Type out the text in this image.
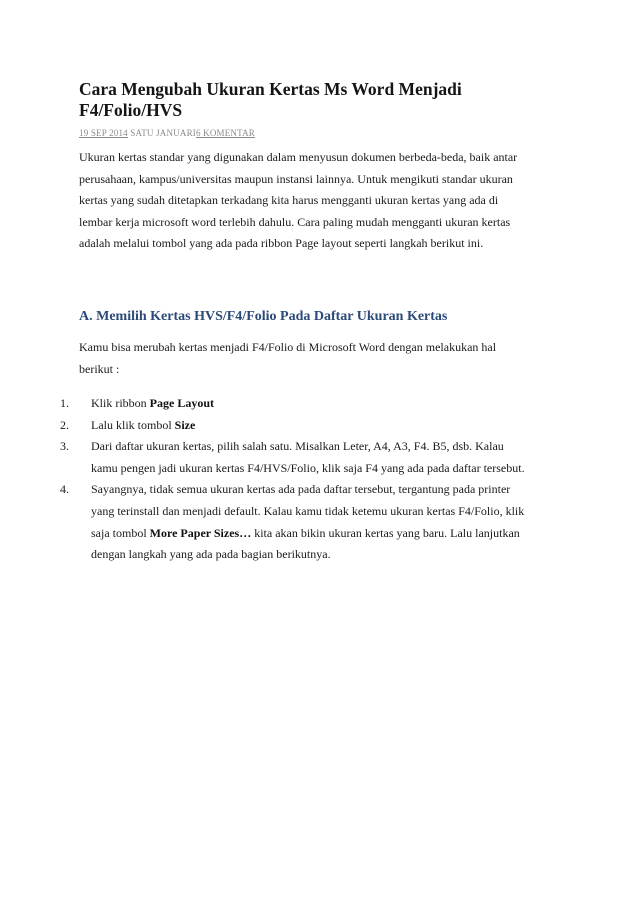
Cara Mengubah Ukuran Kertas Ms Word Menjadi
F4/Folio/HVS
19 SEP 2014 SATU JANUARI6 KOMENTAR

Ukuran kertas standar yang digunakan dalam menyusun dokumen berbeda-beda, baik antar
perusahaan, kampus/universitas maupun instansi lainnya. Untuk mengikuti standar ukuran
kertas yang sudah ditetapkan terkadang kita harus mengganti ukuran kertas yang ada di
lembar kerja microsoft word terlebih dahulu. Cara paling mudah mengganti ukuran kertas
adalah melalui tombol yang ada pada ribbon Page layout seperti langkah berikut ini.

A. Memilih Kertas HVS/F4/Folio Pada Daftar Ukuran Kertas

Kamu bisa merubah kertas menjadi F4/Folio di Microsoft Word dengan melakukan hal
berikut :

1.	Klik ribbon Page Layout
2.	Lalu klik tombol Size
3.	Dari daftar ukuran kertas, pilih salah satu. Misalkan Leter, A4, A3, F4. B5, dsb. Kalau
kamu pengen jadi ukuran kertas F4/HVS/Folio, klik saja F4 yang ada pada daftar tersebut.
4.	Sayangnya, tidak semua ukuran kertas ada pada daftar tersebut, tergantung pada printer
yang terinstall dan menjadi default. Kalau kamu tidak ketemu ukuran kertas F4/Folio, klik
saja tombol More Paper Sizes… kita akan bikin ukuran kertas yang baru. Lalu lanjutkan
dengan langkah yang ada pada bagian berikutnya.
